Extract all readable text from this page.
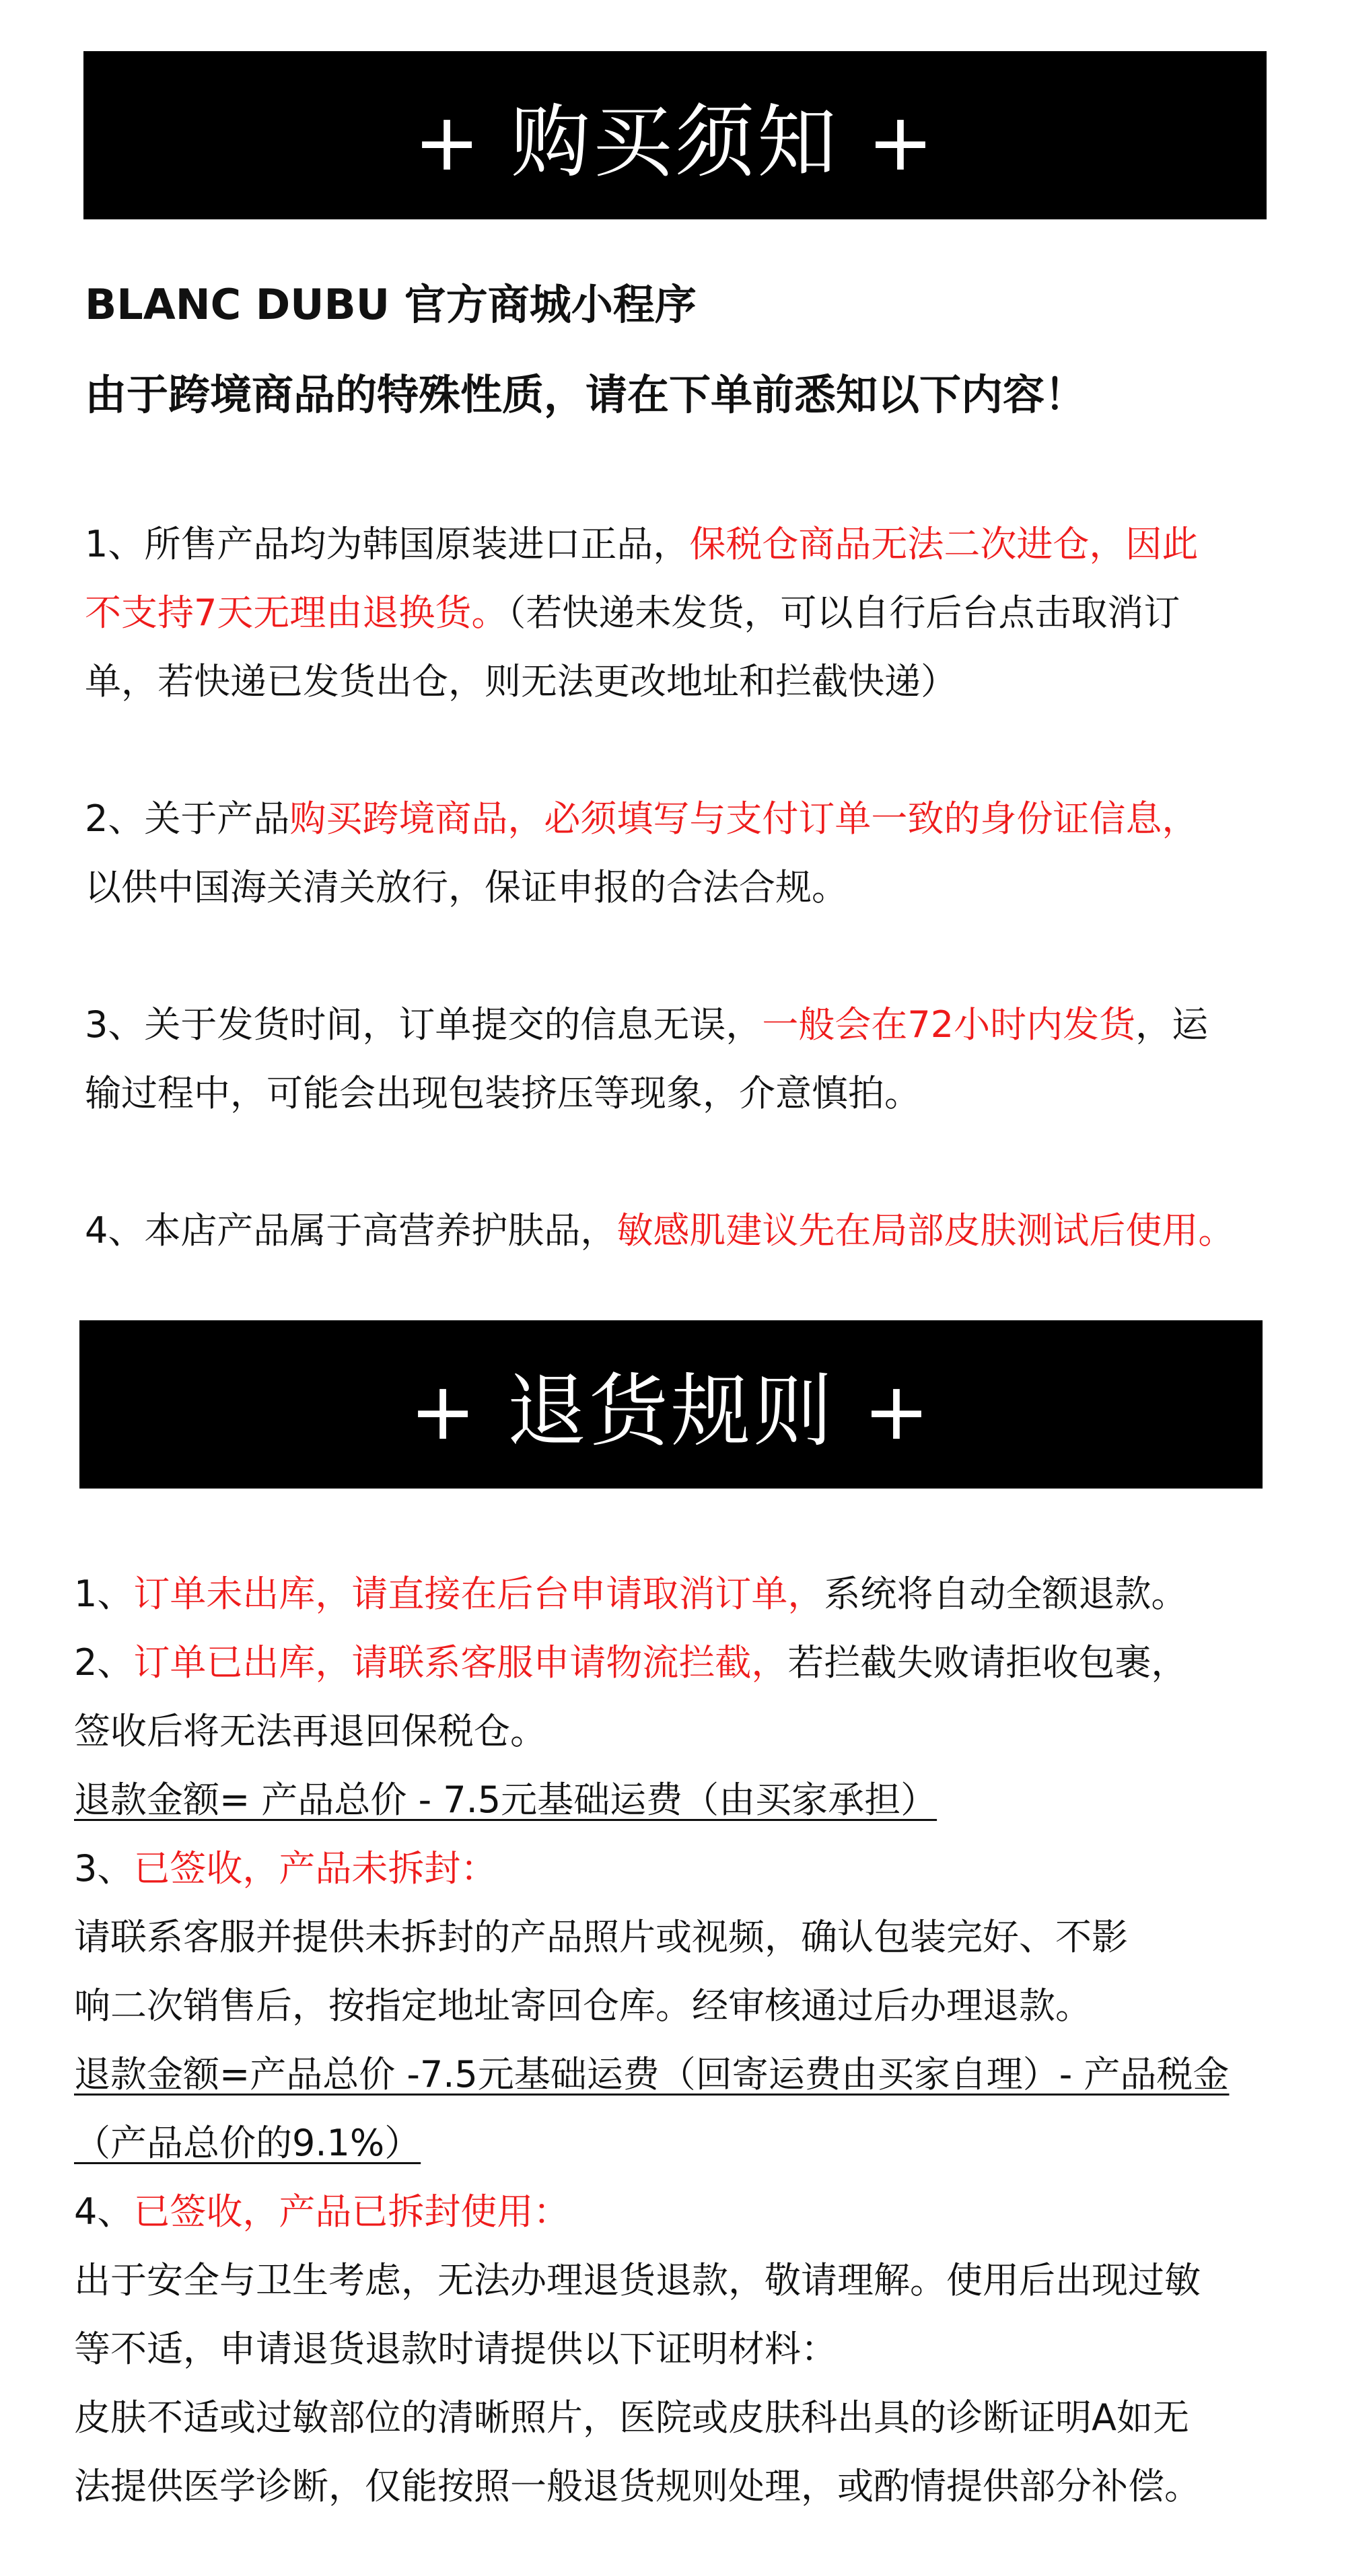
+ 购买须知 +
BLANC DUBU 官方商城小程序
由于跨境商品的特殊性质，请在下单前悉知以下内容！
1、所售产品均为韩国原装进口正品，保税仓商品无法二次进仓，因此
不支持7天无理由退换货。（若快递未发货，可以自行后台点击取消订
单，若快递已发货出仓，则无法更改地址和拦截快递）
2、关于产品购买跨境商品，必须填写与支付订单一致的身份证信息，
以供中国海关清关放行，保证申报的合法合规。
3、关于发货时间，订单提交的信息无误，一般会在72小时内发货，运
输过程中，可能会出现包装挤压等现象，介意慎拍。
4、本店产品属于高营养护肤品，敏感肌建议先在局部皮肤测试后使用。
+ 退货规则 +
1、订单未出库，请直接在后台申请取消订单，系统将自动全额退款。
2、订单已出库，请联系客服申请物流拦截，若拦截失败请拒收包裹，
签收后将无法再退回保税仓。
退款金额= 产品总价 - 7.5元基础运费（由买家承担）
3、已签收，产品未拆封：
请联系客服并提供未拆封的产品照片或视频，确认包装完好、不影
响二次销售后，按指定地址寄回仓库。经审核通过后办理退款。
退款金额=产品总价 -7.5元基础运费（回寄运费由买家自理）- 产品税金
（产品总价的9.1%）
4、已签收，产品已拆封使用：
出于安全与卫生考虑，无法办理退货退款，敬请理解。使用后出现过敏
等不适，申请退货退款时请提供以下证明材料：
皮肤不适或过敏部位的清晰照片，医院或皮肤科出具的诊断证明A如无
法提供医学诊断，仅能按照一般退货规则处理，或酌情提供部分补偿。
